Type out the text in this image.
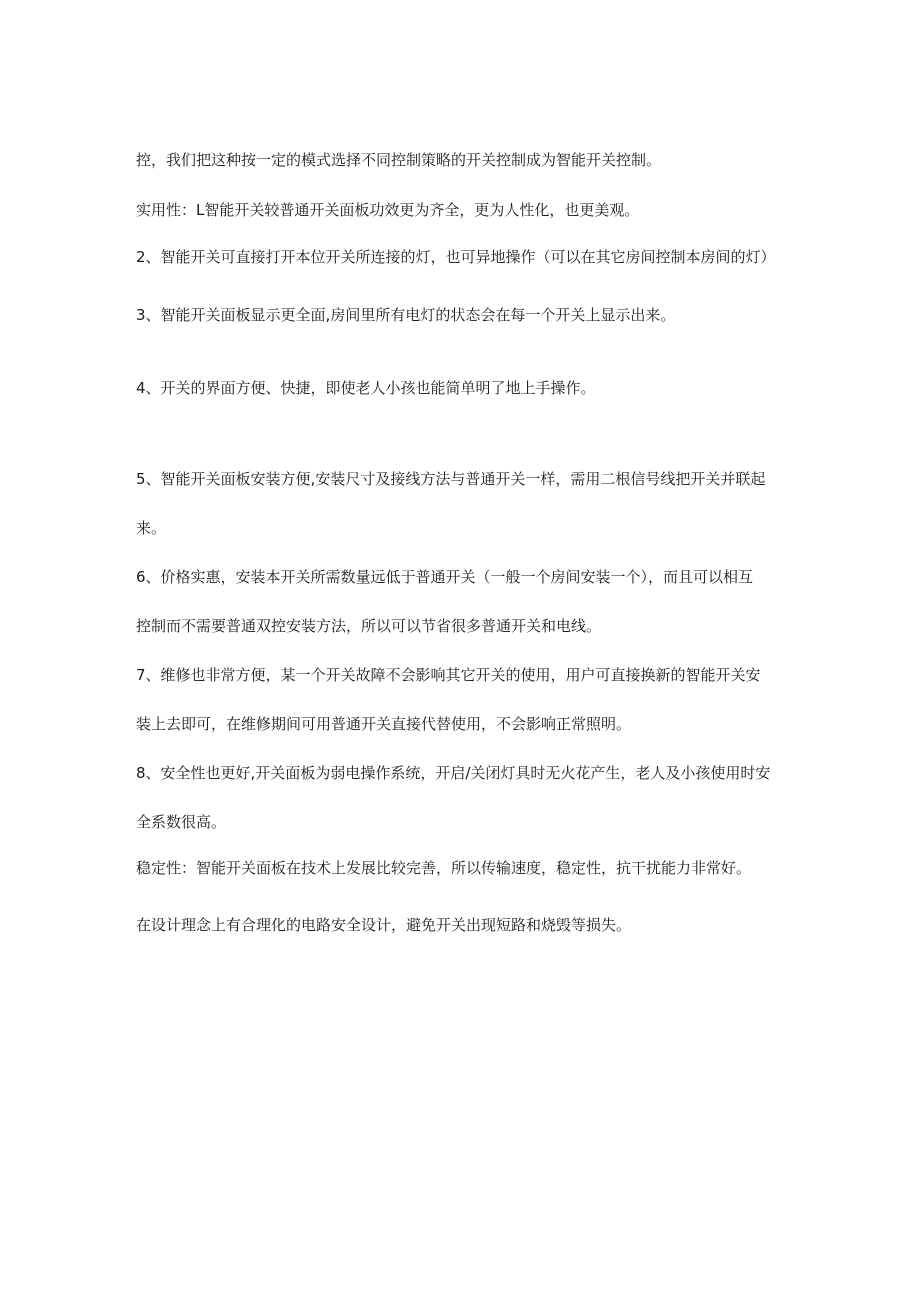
控，我们把这种按一定的模式选择不同控制策略的开关控制成为智能开关控制。

实用性：L智能开关较普通开关面板功效更为齐全，更为人性化，也更美观。

2、智能开关可直接打开本位开关所连接的灯，也可异地操作（可以在其它房间控制本房间的灯）

3、智能开关面板显示更全面,房间里所有电灯的状态会在每一个开关上显示出来。

4、开关的界面方便、快捷，即使老人小孩也能简单明了地上手操作。

5、智能开关面板安装方便,安装尺寸及接线方法与普通开关一样，需用二根信号线把开关并联起

来。

6、价格实惠，安装本开关所需数量远低于普通开关（一般一个房间安装一个），而且可以相互

控制而不需要普通双控安装方法，所以可以节省很多普通开关和电线。

7、维修也非常方便，某一个开关故障不会影响其它开关的使用，用户可直接换新的智能开关安

装上去即可，在维修期间可用普通开关直接代替使用，不会影响正常照明。

8、安全性也更好,开关面板为弱电操作系统，开启/关闭灯具时无火花产生，老人及小孩使用时安

全系数很高。

稳定性：智能开关面板在技术上发展比较完善，所以传输速度，稳定性，抗干扰能力非常好。

在设计理念上有合理化的电路安全设计，避免开关出现短路和烧毁等损失。
